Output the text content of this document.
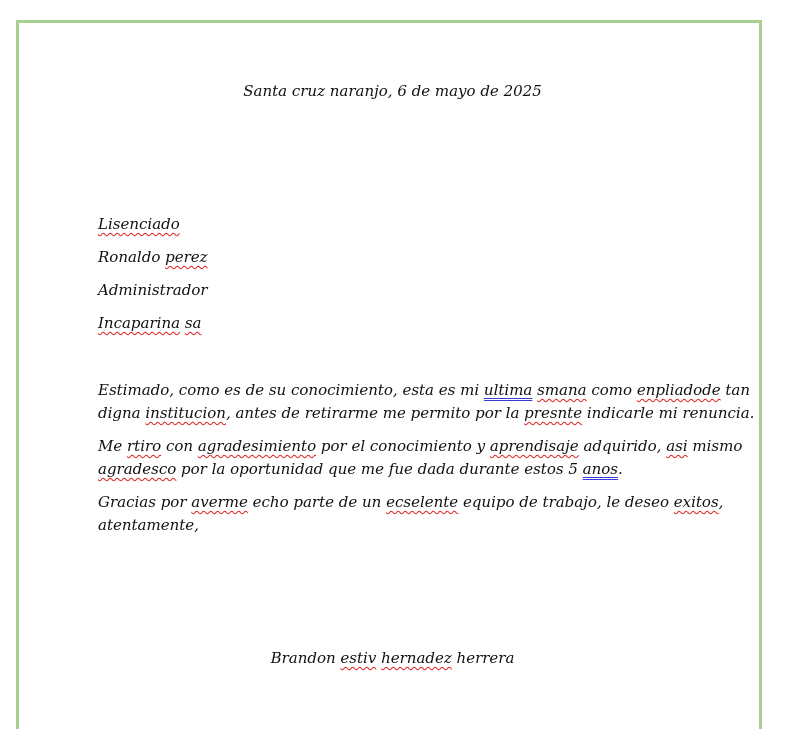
Santa cruz naranjo, 6 de mayo de 2025
Lisenciado
Ronaldo perez
Administrador
Incaparina sa
Estimado, como es de su conocimiento, esta es mi ultima smana como enpliadode tan
digna institucion, antes de retirarme me permito por la presnte indicarle mi renuncia.
Me rtiro con agradesimiento por el conocimiento y aprendisaje adquirido, asi mismo
agradesco por la oportunidad que me fue dada durante estos 5 anos.
Gracias por averme echo parte de un ecselente equipo de trabajo, le deseo exitos,
atentamente,
Brandon estiv hernadez herrera
